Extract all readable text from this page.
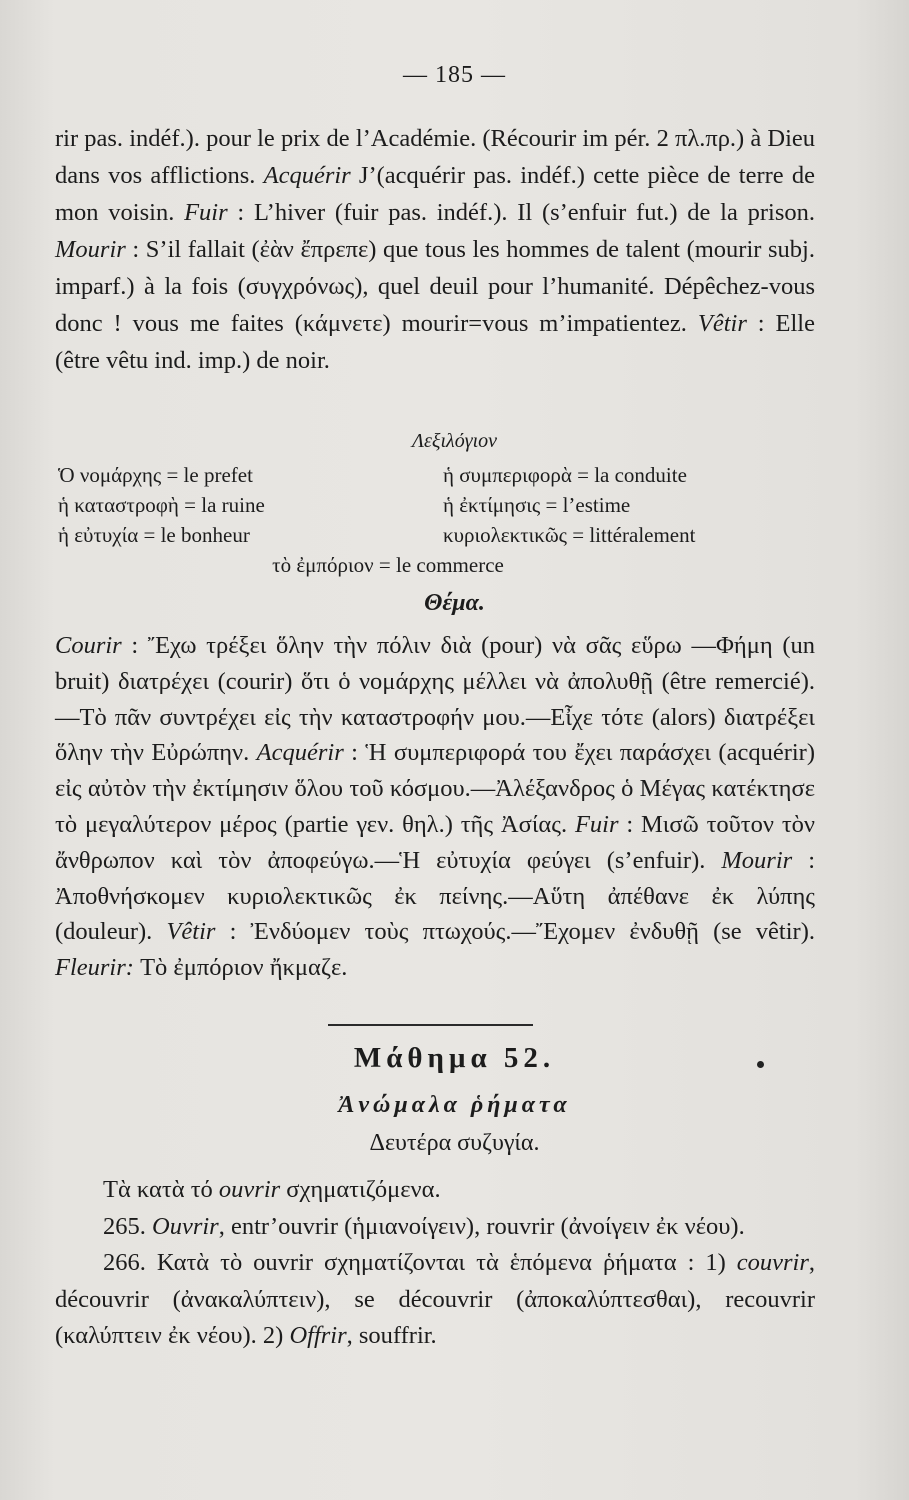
— 185 —

rir pas. indéf.). pour le prix de l’Académie. (Récourir im pér. 2 πλ.πρ.) à Dieu dans vos afflictions. Acquérir J’(acquérir pas. indéf.) cette pièce de terre de mon voisin. Fuir : L’hiver (fuir pas. indéf.). Il (s’enfuir fut.) de la prison. Mourir : S’il fallait (ἐὰν ἔπρεπε) que tous les hommes de talent (mourir subj. imparf.) à la fois (συγχρόνως), quel deuil pour l’humanité. Dépêchez-vous donc ! vous me faites (κάμνετε) mourir=vous m’impatientez. Vêtir : Elle (être vêtu ind. imp.) de noir.

Λεξιλόγιον
Ὁ νομάρχης = le prefet	ἡ συμπεριφορὰ = la conduite
ἡ καταστροφὴ = la ruine	ἡ ἐκτίμησις = l’estime
ἡ εὐτυχία = le bonheur	κυριολεκτικῶς = littéralement
τὸ ἐμπόριον = le commerce
Θέμα.

Courir : Ἔχω τρέξει ὅλην τὴν πόλιν διὰ (pour) νὰ σᾶς εὕρω —Φήμη (un bruit) διατρέχει (courir) ὅτι ὁ νομάρχης μέλλει νὰ ἀπολυθῇ (être remercié).—Τὸ πᾶν συντρέχει εἰς τὴν καταστροφήν μου.—Εἶχε τότε (alors) διατρέξει ὅλην τὴν Εὐρώπην. Acquérir : Ἡ συμπεριφορά του ἔχει παράσχει (acquérir) εἰς αὐτὸν τὴν ἐκτίμησιν ὅλου τοῦ κόσμου.—Ἀλέξανδρος ὁ Μέγας κατέκτησε τὸ μεγαλύτερον μέρος (partie γεν. θηλ.) τῆς Ἀσίας. Fuir : Μισῶ τοῦτον τὸν ἄνθρωπον καὶ τὸν ἀποφεύγω.—Ἡ εὐτυχία φεύγει (s’enfuir). Mourir : Ἀποθνήσκομεν κυριολεκτικῶς ἐκ πείνης.—Αὕτη ἀπέθανε ἐκ λύπης (douleur). Vêtir : Ἐνδύομεν τοὺς πτωχούς.—Ἔχομεν ἐνδυθῇ (se vêtir). Fleurir: Τὸ ἐμπόριον ἤκμαζε.

Μάθημα 52.
Ἀνώμαλα ῥήματα
Δευτέρα συζυγία.

Τὰ κατὰ τό ouvrir σχηματιζόμενα.

265. Ouvrir, entr’ouvrir (ἡμιανοίγειν), rouvrir (ἀνοίγειν ἐκ νέου).

266. Κατὰ τὸ ouvrir σχηματίζονται τὰ ἑπόμενα ῥήματα : 1) couvrir, découvrir (ἀνακαλύπτειν), se découvrir (ἀποκαλύπτεσθαι), recouvrir (καλύπτειν ἐκ νέου). 2) Offrir, souffrir.
